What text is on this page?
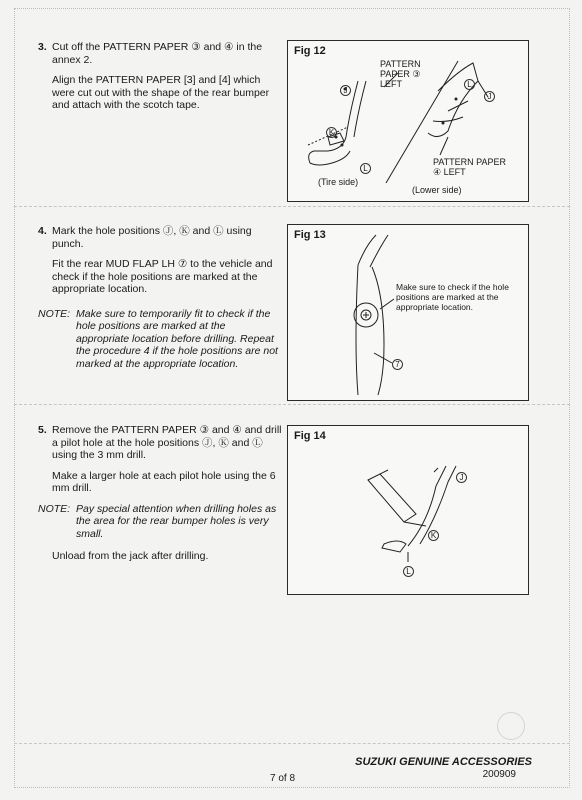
3. Cut off the PATTERN PAPER ③ and ④ in the annex 2.

Align the PATTERN PAPER [3] and [4] which were cut out with the shape of the rear bumper and attach with the scotch tape.

4. Mark the hole positions Ⓙ, Ⓚ and Ⓛ using punch.

Fit the rear MUD FLAP LH ⑦ to the vehicle and check if the hole positions are marked at the appropriate location.

NOTE: Make sure to temporarily fit to check if the hole positions are marked at the appropriate location before drilling. Repeat the procedure 4 if the hole positions are not marked at the appropriate location.

5. Remove the PATTERN PAPER ③ and ④ and drill a pilot hole at the hole positions Ⓙ, Ⓚ and Ⓛ using the 3 mm drill.

Make a larger hole at each pilot hole using the 6 mm drill.

NOTE: Pay special attention when drilling holes as the area for the rear bumper holes is very small.

Unload from the jack after drilling.

Fig 12
J
K
L
PATTERN
PAPER ③
LEFT
J
L
PATTERN PAPER
④ LEFT
(Tire side)
(Lower side)
Fig 13
Make sure to check if the hole positions are marked at the appropriate location.
7
Fig 14
J
K
L
SUZUKI GENUINE ACCESSORIES
200909
7 of 8
